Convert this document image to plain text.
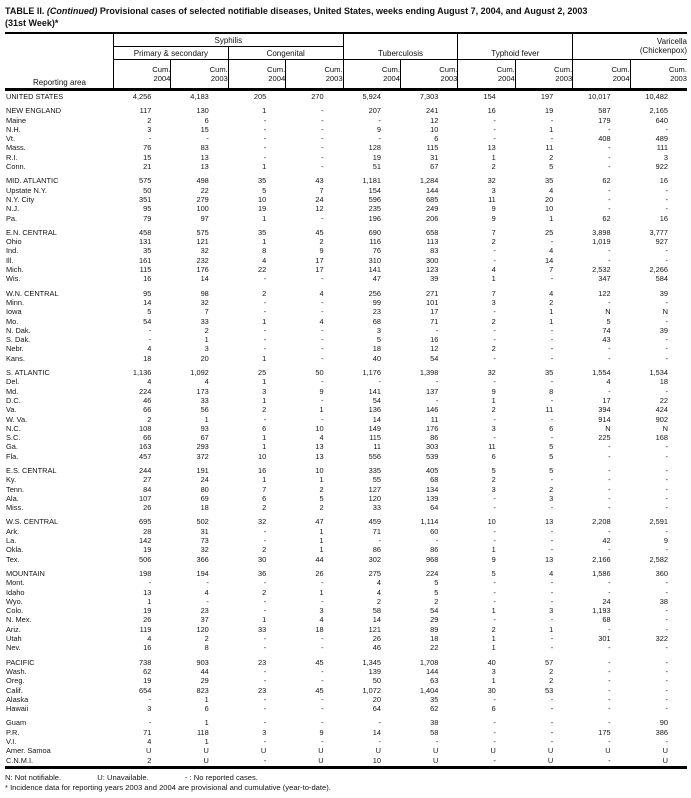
TABLE II. (Continued) Provisional cases of selected notifiable diseases, United States, weeks ending August 7, 2004, and August 2, 2003
(31st Week)*
Reporting area
Syphilis
Primary & secondary	Congenital	Tuberculosis	Typhoid fever
Varicella
(Chickenpox)
Cum.
2004
Cum.
2003
Cum.
2004
Cum.
2003
Cum.
2004
Cum.
2003
Cum.
2004
Cum.
2003
Cum.
2004
Cum.
2003
UNITED STATES	4,256	4,183	205	270	5,924	7,303	154	197	10,017	10,482
NEW ENGLAND	117	130	1	-	207	241	16	19	587	2,165
Maine	2	6	-	-	-	12	-	-	179	640
N.H.	3	15	-	-	9	10	-	1	-	-
Vt.	-	-	-	-	-	6	-	-	408	489
Mass.	76	83	-	-	128	115	13	11	-	111
R.I.	15	13	-	-	19	31	1	2	-	3
Conn.	21	13	1	-	51	67	2	5	-	922
MID. ATLANTIC	575	498	35	43	1,181	1,284	32	35	62	16
Upstate N.Y.	50	22	5	7	154	144	3	4	-	-
N.Y. City	351	279	10	24	596	685	11	20	-	-
N.J.	95	100	19	12	235	249	9	10	-	-
Pa.	79	97	1	-	196	206	9	1	62	16
E.N. CENTRAL	458	575	35	45	690	658	7	25	3,898	3,777
Ohio	131	121	1	2	116	113	2	-	1,019	927
Ind.	35	32	8	9	76	83	-	4	-	-
Ill.	161	232	4	17	310	300	-	14	-	-
Mich.	115	176	22	17	141	123	4	7	2,532	2,266
Wis.	16	14	-	-	47	39	1	-	347	584
W.N. CENTRAL	95	98	2	4	256	271	7	4	122	39
Minn.	14	32	-	-	99	101	3	2	-	-
Iowa	5	7	-	-	23	17	-	1	N	N
Mo.	54	33	1	4	68	71	2	1	5	-
N. Dak.	-	2	-	-	3	-	-	-	74	39
S. Dak.	-	1	-	-	5	16	-	-	43	-
Nebr.	4	3	-	-	18	12	2	-	-	-
Kans.	18	20	1	-	40	54	-	-	-	-
S. ATLANTIC	1,136	1,092	25	50	1,176	1,398	32	35	1,554	1,534
Del.	4	4	1	-	-	-	-	-	4	18
Md.	224	173	3	9	141	137	9	8	-	-
D.C.	46	33	1	-	54	-	1	-	17	22
Va.	66	56	2	1	136	146	2	11	394	424
W. Va.	2	1	-	-	14	11	-	-	914	902
N.C.	108	93	6	10	149	176	3	6	N	N
S.C.	66	67	1	4	115	86	-	-	225	168
Ga.	163	293	1	13	11	303	11	5	-	-
Fla.	457	372	10	13	556	539	6	5	-	-
E.S. CENTRAL	244	191	16	10	335	405	5	5	-	-
Ky.	27	24	1	1	55	68	2	-	-	-
Tenn.	84	80	7	2	127	134	3	2	-	-
Ala.	107	69	6	5	120	139	-	3	-	-
Miss.	26	18	2	2	33	64	-	-	-	-
W.S. CENTRAL	695	502	32	47	459	1,114	10	13	2,208	2,591
Ark.	28	31	-	1	71	60	-	-	-	-
La.	142	73	-	1	-	-	-	-	42	9
Okla.	19	32	2	1	86	86	1	-	-	-
Tex.	506	366	30	44	302	968	9	13	2,166	2,582
MOUNTAIN	198	194	36	26	275	224	5	4	1,586	360
Mont.	-	-	-	-	4	5	-	-	-	-
Idaho	13	4	2	1	4	5	-	-	-	-
Wyo.	1	-	-	-	2	2	-	-	24	38
Colo.	19	23	-	3	58	54	1	3	1,193	-
N. Mex.	26	37	1	4	14	29	-	-	68	-
Ariz.	119	120	33	18	121	89	2	1	-	-
Utah	4	2	-	-	26	18	1	-	301	322
Nev.	16	8	-	-	46	22	1	-	-	-
PACIFIC	738	903	23	45	1,345	1,708	40	57	-	-
Wash.	62	44	-	-	139	144	3	2	-	-
Oreg.	19	29	-	-	50	63	1	2	-	-
Calif.	654	823	23	45	1,072	1,404	30	53	-	-
Alaska	-	1	-	-	20	35	-	-	-	-
Hawaii	3	6	-	-	64	62	6	-	-	-
Guam	-	1	-	-	-	38	-	-	-	90
P.R.	71	118	3	9	14	58	-	-	175	386
V.I.	4	1	-	-	-	-	-	-	-	-
Amer. Samoa	U	U	U	U	U	U	U	U	U	U
C.N.M.I.	2	U	-	U	10	U	-	U	-	U
N: Not notifiable.	U: Unavailable.	- : No reported cases.
* Incidence data for reporting years 2003 and 2004 are provisional and cumulative (year-to-date).
